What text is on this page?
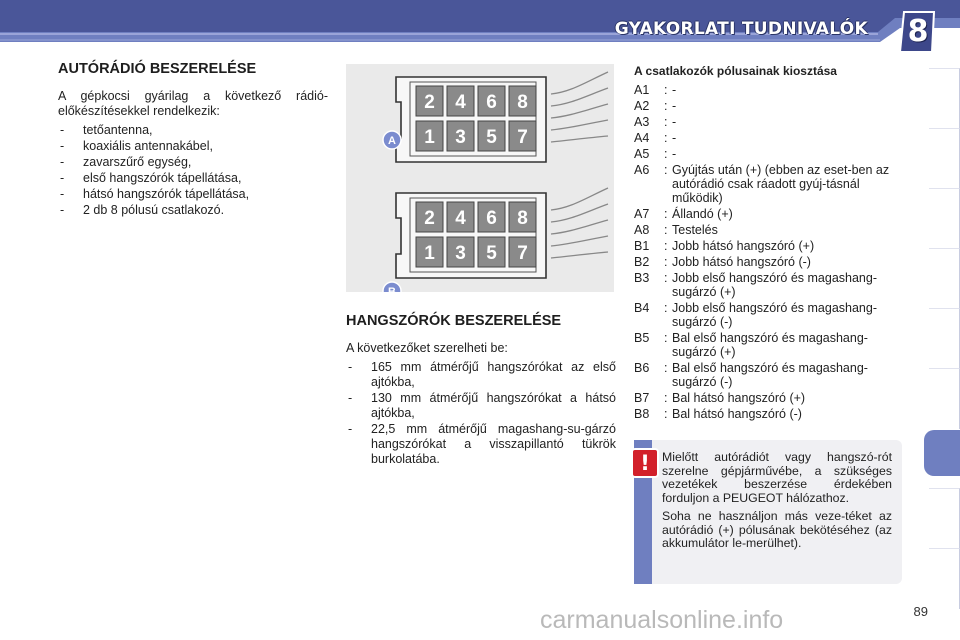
GYAKORLATI TUDNIVALÓK	8
AUTÓRÁDIÓ BESZERELÉSE

A gépkocsi gyárilag a következő rádió-előkészítésekkel rendelkezik:

- tetőantenna,
- koaxiális antennakábel,
- zavarszűrő egység,
- első hangszórók tápellátása,
- hátsó hangszórók tápellátása,
- 2 db 8 pólusú csatlakozó.
2 4 6 8
1 3 5 7
A
2 4 6 8
1 3 5 7
B
HANGSZÓRÓK BESZERELÉSE

A következőket szerelheti be:

- 165 mm átmérőjű hangszórókat az első ajtókba,
- 130 mm átmérőjű hangszórókat a hátsó ajtókba,
- 22,5 mm átmérőjű magashang-su-gárzó hangszórókat a visszapillantó tükrök burkolatába.

A csatlakozók pólusainak kiosztása

A1	: -
A2	: -
A3	: -
A4	: -
A5	: -
A6	: Gyújtás után (+) (ebben az eset-ben az autórádió csak ráadott gyúj-tásnál működik)
A7	: Állandó (+)
A8	: Testelés
B1	: Jobb hátsó hangszóró (+)
B2	: Jobb hátsó hangszóró (-)
B3	: Jobb első hangszóró és magashang-sugárzó (+)
B4	: Jobb első hangszóró és magashang-sugárzó (-)
B5	: Bal első hangszóró és magashang-sugárzó (+)
B6	: Bal első hangszóró és magashang-sugárzó (-)
B7	: Bal hátsó hangszóró (+)
B8	: Bal hátsó hangszóró (-)

Mielőtt autórádiót vagy hangszó-rót szerelne gépjárművébe, a szükséges vezetékek beszerzése érdekében forduljon a PEUGEOT hálózathoz.

Soha ne használjon más veze-téket az autórádió (+) pólusának bekötéséhez (az akkumulátor le-merülhet).

!
89
carmanualsonline.info
